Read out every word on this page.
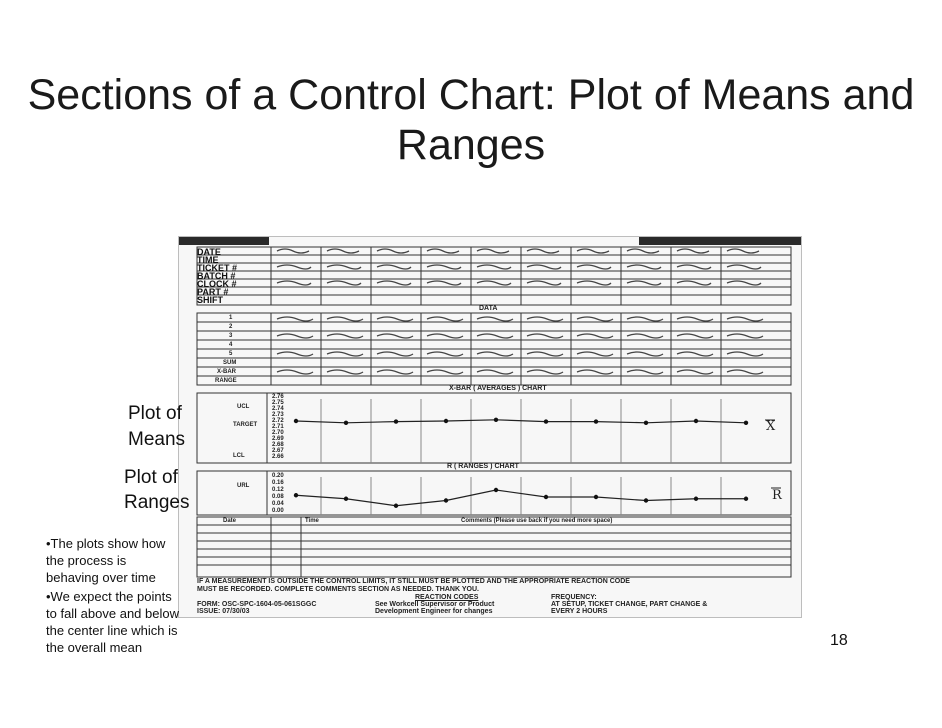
Sections of a Control Chart: Plot of Means and Ranges
DATE
TIME
TICKET #
BATCH #
CLOCK #
PART #
SHIFT
DATA
1
2
3
4
5
SUM
X-BAR
RANGE
X-BAR ( AVERAGES ) CHART
UCL
TARGET
LCL
2.76
2.75
2.74
2.73
2.72
2.71
2.70
2.69
2.68
2.67
2.66
R ( RANGES ) CHART
URL
0.20
0.16
0.12
0.08
0.04
0.00
Date	Time	Comments (Please use back if you need more space)
IF A MEASUREMENT IS OUTSIDE THE CONTROL LIMITS, IT STILL MUST BE PLOTTED AND THE APPROPRIATE REACTION CODE
MUST BE RECORDED. COMPLETE COMMENTS SECTION AS NEEDED. THANK YOU.
REACTION CODES
See Workcell Supervisor or Product
Development Engineer for changes
FORM: OSC-SPC-1604-05-061SGGC
ISSUE: 07/30/03
FREQUENCY:
AT SETUP, TICKET CHANGE, PART CHANGE &
EVERY 2 HOURS
X
R
Plot of
Means
Plot of
Ranges

•The plots show how the process is behaving over time

•We expect the points to fall above and below the center line which is the overall mean	18
